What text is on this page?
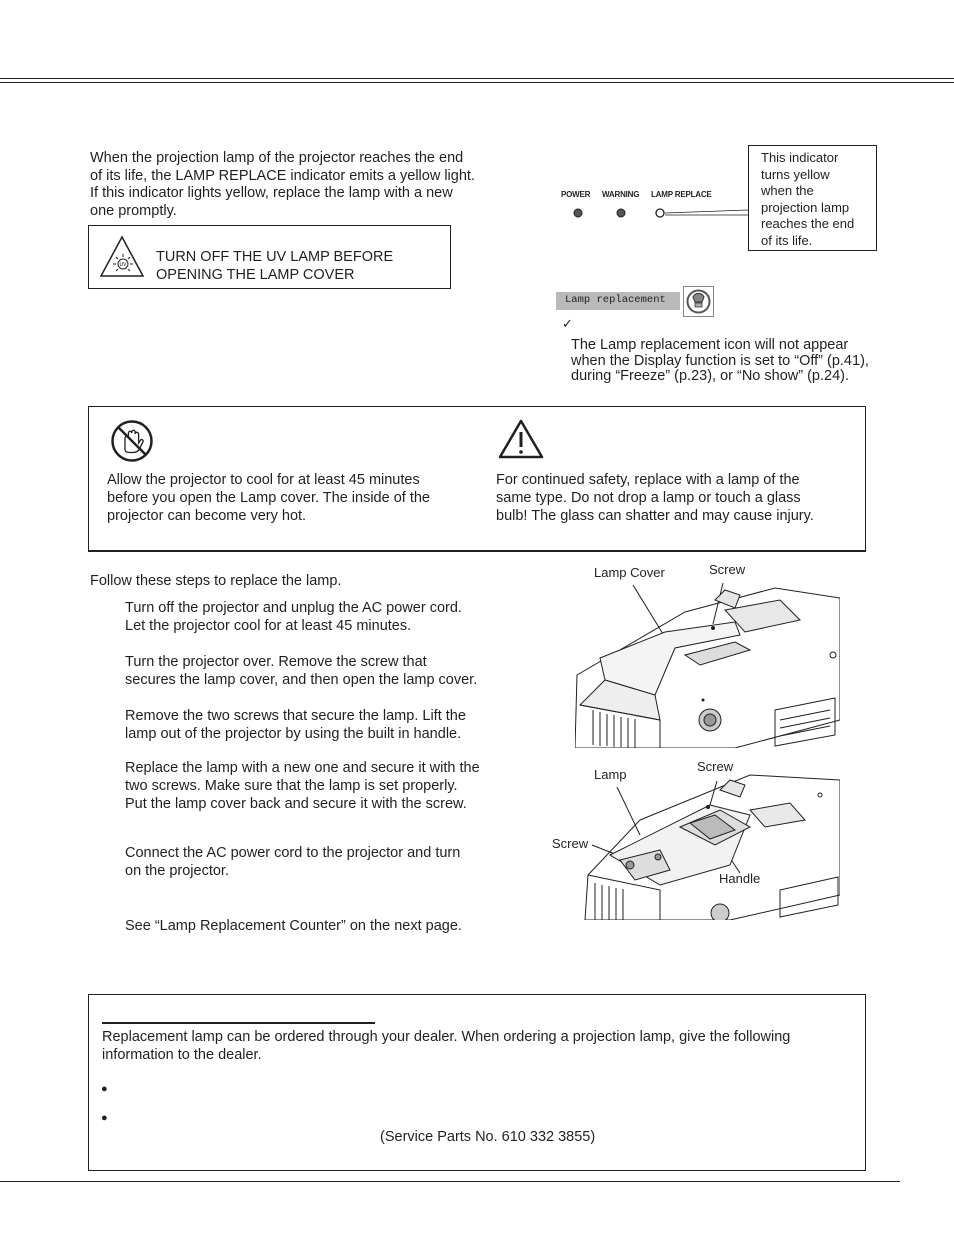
When the projection lamp of the projector reaches the end
of its life, the LAMP REPLACE indicator emits a yellow light.
If this indicator lights yellow, replace the lamp with a new
one promptly.

UV TURN OFF THE UV LAMP BEFORE
OPENING THE LAMP COVER

POWER WARNING LAMP REPLACE

This indicator
turns yellow
when the
projection lamp
reaches the end
of its life.

Lamp replacement
✓

The Lamp replacement icon will not appear
when the Display function is set to “Off” (p.41),
during “Freeze” (p.23), or “No show” (p.24).

Allow the projector to cool for at least 45 minutes
before you open the Lamp cover. The inside of the
projector can become very hot.

For continued safety, replace with a lamp of the
same type. Do not drop a lamp or touch a glass
bulb! The glass can shatter and may cause injury.

Follow these steps to replace the lamp.

Turn off the projector and unplug the AC power cord.
Let the projector cool for at least 45 minutes.

Turn the projector over. Remove the screw that
secures the lamp cover, and then open the lamp cover.

Remove the two screws that secure the lamp. Lift the
lamp out of the projector by using the built in handle.

Replace the lamp with a new one and secure it with the
two screws. Make sure that the lamp is set properly.
Put the lamp cover back and secure it with the screw.

Connect the AC power cord to the projector and turn
on the projector.

See “Lamp Replacement Counter” on the next page.

Lamp Cover	Screw
Lamp
Screw
Screw
Handle

Replacement lamp can be ordered through your dealer. When ordering a projection lamp, give the following
information to the dealer.

●
●

(Service Parts No. 610 332 3855)
